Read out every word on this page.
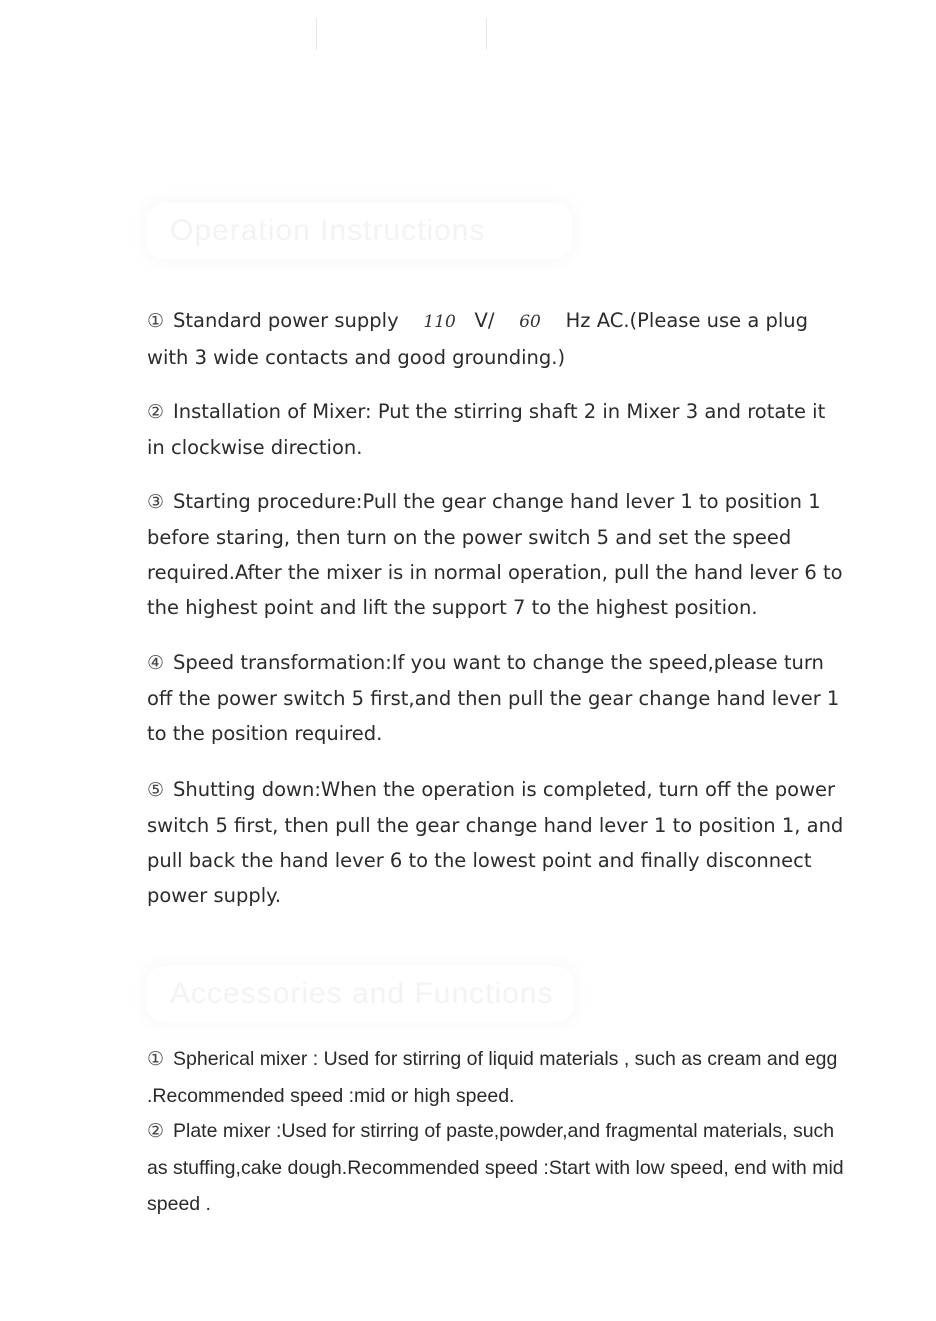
Operation Instructions

① Standard power supply 110 V/ 60 Hz AC.(Please use a plug with 3 wide contacts and good grounding.)

② Installation of Mixer: Put the stirring shaft 2 in Mixer 3 and rotate it in clockwise direction.

③ Starting procedure:Pull the gear change hand lever 1 to position 1 before staring, then turn on the power switch 5 and set the speed required.After the mixer is in normal operation, pull the hand lever 6 to the highest point and lift the support 7 to the highest position.

④ Speed transformation:If you want to change the speed,please turn off the power switch 5 first,and then pull the gear change hand lever 1 to the position required.

⑤ Shutting down:When the operation is completed, turn off the power switch 5 first, then pull the gear change hand lever 1 to position 1, and pull back the hand lever 6 to the lowest point and finally disconnect power supply.

Accessories and Functions

① Spherical mixer : Used for stirring of liquid materials , such as cream and egg .Recommended speed :mid or high speed.

② Plate mixer :Used for stirring of paste,powder,and fragmental materials, such as stuffing,cake dough.Recommended speed :Start with low speed, end with mid speed .
